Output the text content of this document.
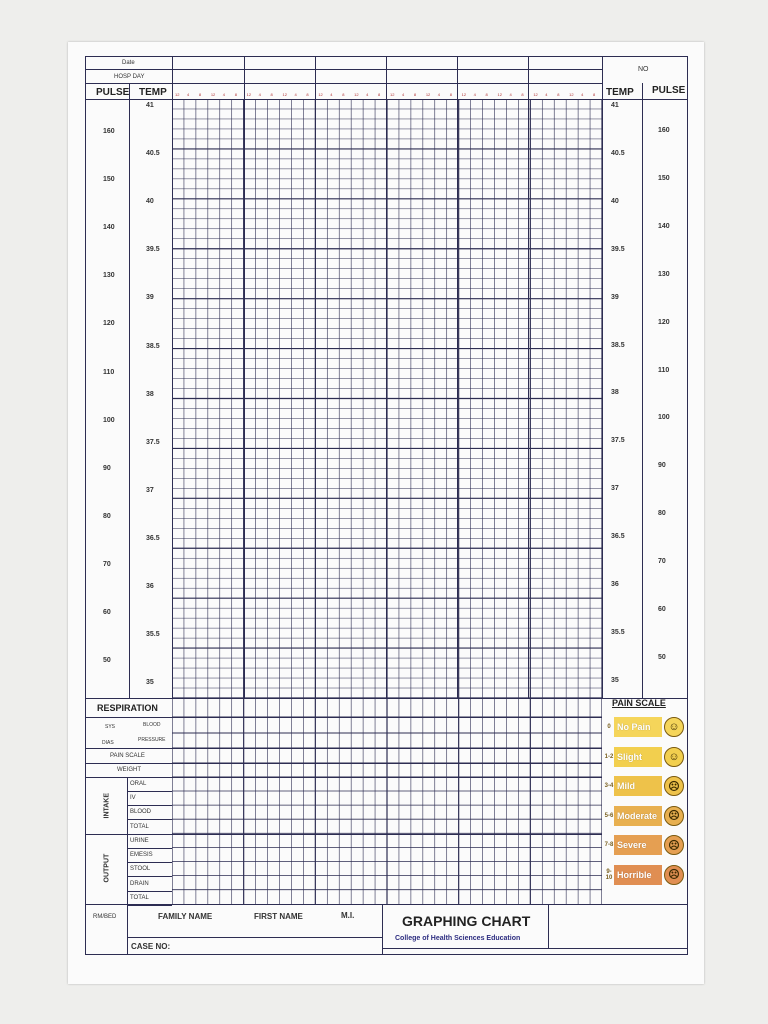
Date
HOSP DAY
NO
PULSE TEMP	TEMP PULSE
12 4 8 12 4 8 12 4 8 12 4 8 12 4 8 12 4 8 12 4 8 12 4 8 12 4 8 12 4 8 12 4 8 12 4 8
41
40.5
40
39.5
39
38.5
38
37.5
37
36.5
36
35.5
35
160
150
140
130
120
110
100
90
80
70
60
50
41
40.5
40
39.5
39
38.5
38
37.5
37
36.5
36
35.5
35
160
150
140
130
120
110
100
90
80
70
60
50
RESPIRATION
SYS	BLOOD
DIAS	PRESSURE
PAIN SCALE
WEIGHT
INTAKE
ORAL
IV
BLOOD
TOTAL
OUTPUT
URINE
EMESIS
STOOL
DRAIN
TOTAL
PAIN SCALE
0 No Pain	☺
1-2 Slight	☺
3-4 Mild	☹
5-6 Moderate	☹
7-8 Severe	☹
9-10 Horrible	☹
RM/BED	FAMILY NAME	FIRST NAME	M.I.
CASE NO:
GRAPHING CHART
College of Health Sciences Education
